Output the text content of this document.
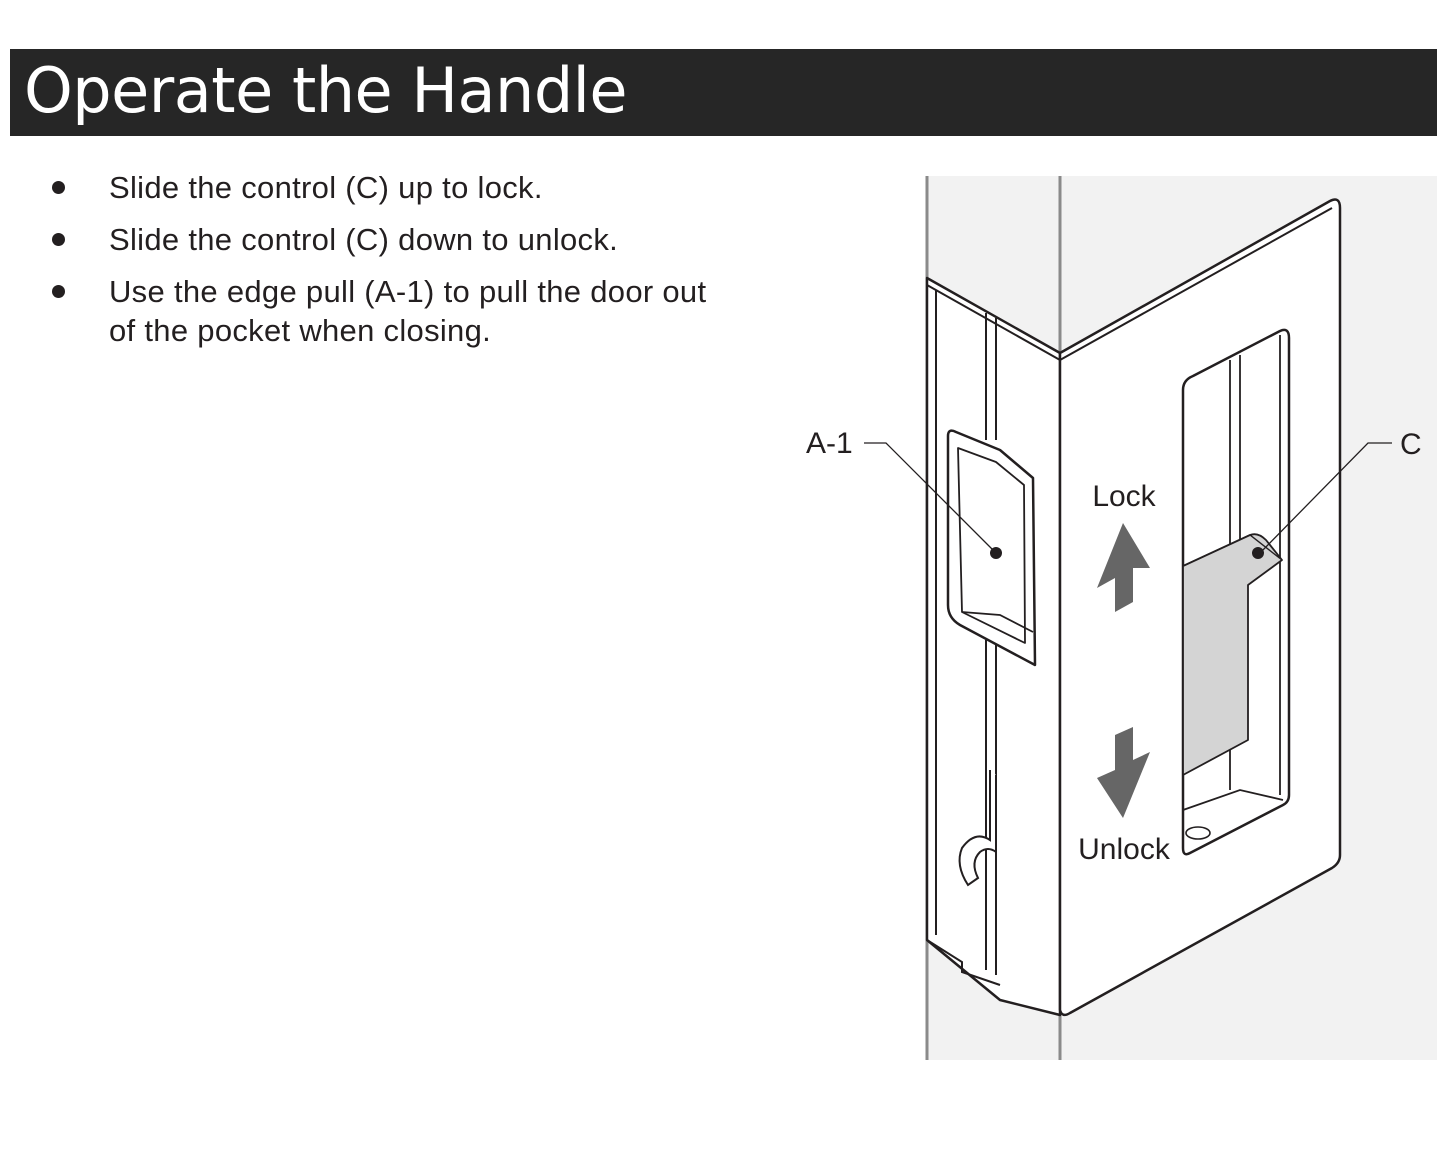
Operate the Handle
Slide the control (C) up to lock.
Slide the control (C) down to unlock.
Use the edge pull (A-1) to pull the door out of the pocket when closing.
Lock
Unlock
A-1	C
